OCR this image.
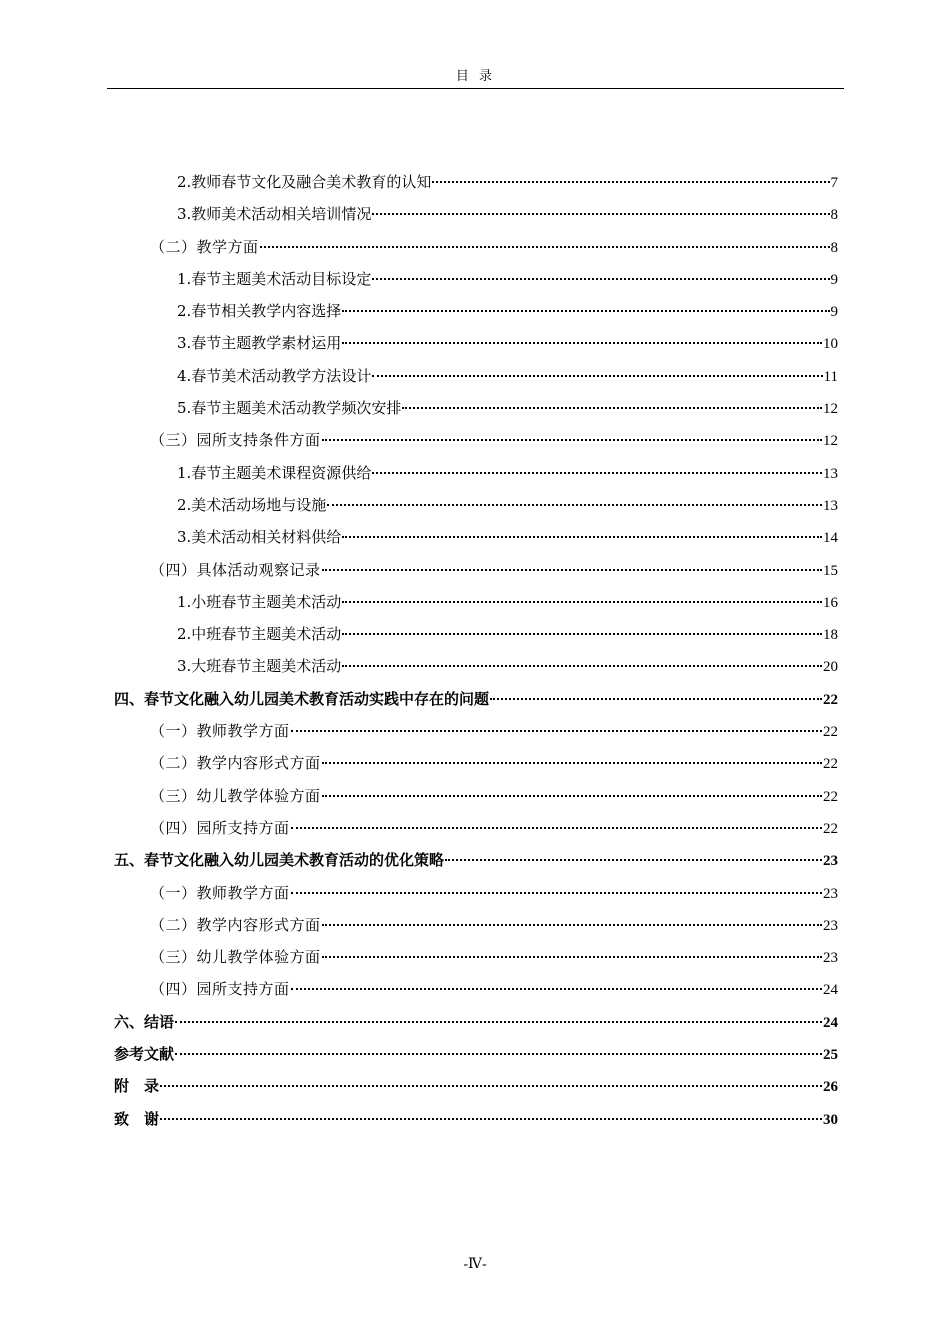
目 录
2.教师春节文化及融合美术教育的认知	7
3.教师美术活动相关培训情况	8
（二）教学方面	8
1.春节主题美术活动目标设定	9
2.春节相关教学内容选择	9
3.春节主题教学素材运用	10
4.春节美术活动教学方法设计	11
5.春节主题美术活动教学频次安排	12
（三）园所支持条件方面	12
1.春节主题美术课程资源供给	13
2.美术活动场地与设施	13
3.美术活动相关材料供给	14
（四）具体活动观察记录	15
1.小班春节主题美术活动	16
2.中班春节主题美术活动	18
3.大班春节主题美术活动	20
四、春节文化融入幼儿园美术教育活动实践中存在的问题	22
（一）教师教学方面	22
（二）教学内容形式方面	22
（三）幼儿教学体验方面	22
（四）园所支持方面	22
五、春节文化融入幼儿园美术教育活动的优化策略	23
（一）教师教学方面	23
（二）教学内容形式方面	23
（三）幼儿教学体验方面	23
（四）园所支持方面	24
六、结语	24
参考文献	25
附　录	26
致　谢	30
-Ⅳ-
